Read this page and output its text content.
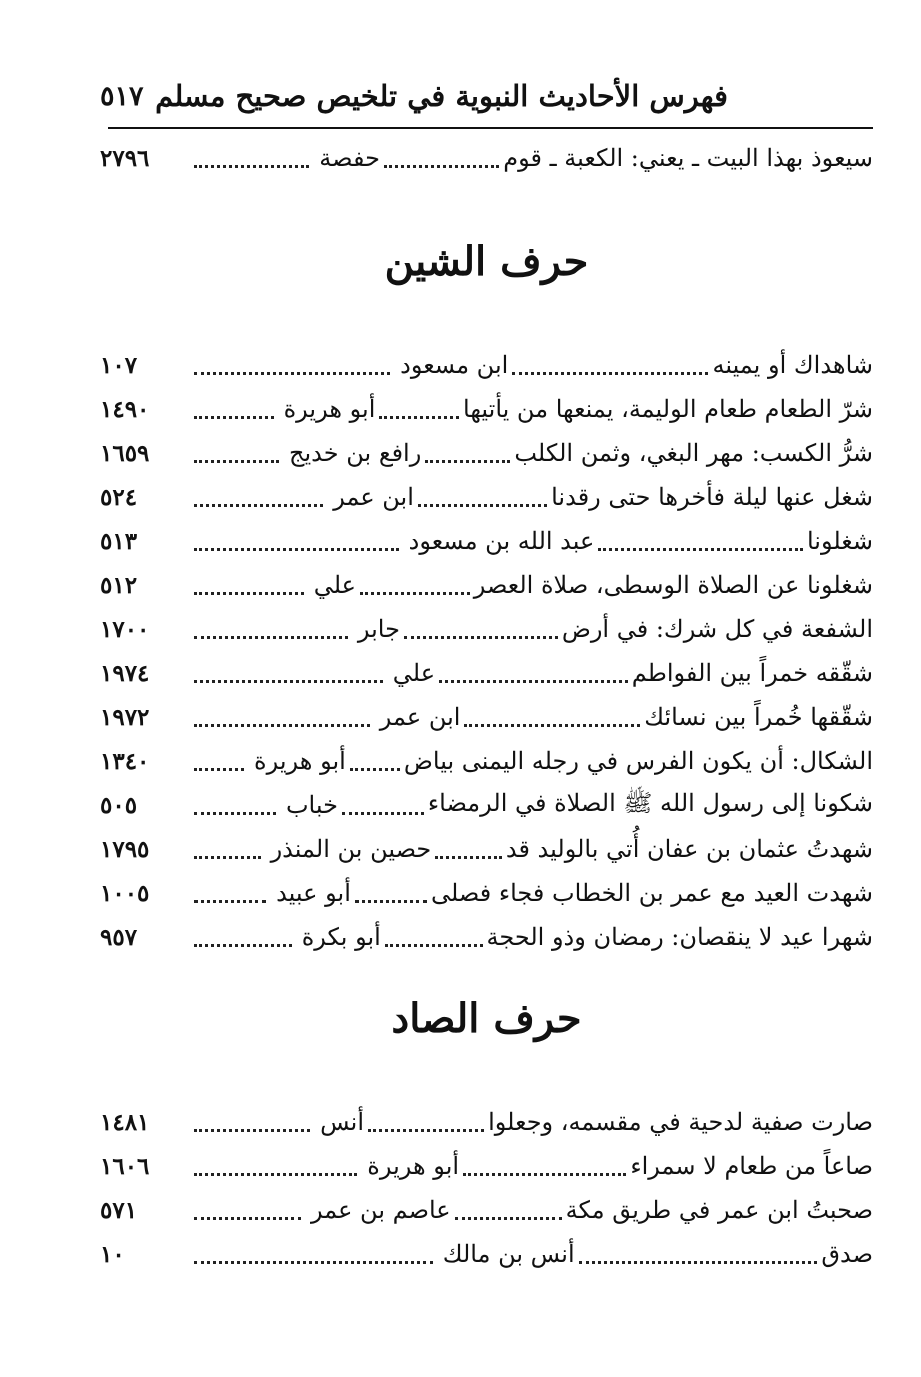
فهرس الأحاديث النبوية في تلخيص صحيح مسلم
٥١٧
سيعوذ بهذا البيت ـ يعني: الكعبة ـ قوم
حفصة
٢٧٩٦
حرف الشين
شاهداك أو يمينه
ابن مسعود
١٠٧
شرّ الطعام طعام الوليمة، يمنعها من يأتيها
أبو هريرة
١٤٩٠
شرُّ الكسب: مهر البغي، وثمن الكلب
رافع بن خديج
١٦٥٩
شغل عنها ليلة فأخرها حتى رقدنا
ابن عمر
٥٢٤
شغلونا
عبد الله بن مسعود
٥١٣
شغلونا عن الصلاة الوسطى، صلاة العصر
علي
٥١٢
الشفعة في كل شرك: في أرض
جابر
١٧٠٠
شقّقه خمراً بين الفواطم
علي
١٩٧٤
شقّقها خُمراً بين نسائك
ابن عمر
١٩٧٢
الشكال: أن يكون الفرس في رجله اليمنى بياض
أبو هريرة
١٣٤٠
شكونا إلى رسول الله ﷺ الصلاة في الرمضاء
خباب
٥٠٥
شهدتُ عثمان بن عفان أُتي بالوليد قد
حصين بن المنذر
١٧٩٥
شهدت العيد مع عمر بن الخطاب فجاء فصلى
أبو عبيد
١٠٠٥
شهرا عيد لا ينقصان: رمضان وذو الحجة
أبو بكرة
٩٥٧
حرف الصاد
صارت صفية لدحية في مقسمه، وجعلوا
أنس
١٤٨١
صاعاً من طعام لا سمراء
أبو هريرة
١٦٠٦
صحبتُ ابن عمر في طريق مكة
عاصم بن عمر
٥٧١
صدق
أنس بن مالك
١٠
